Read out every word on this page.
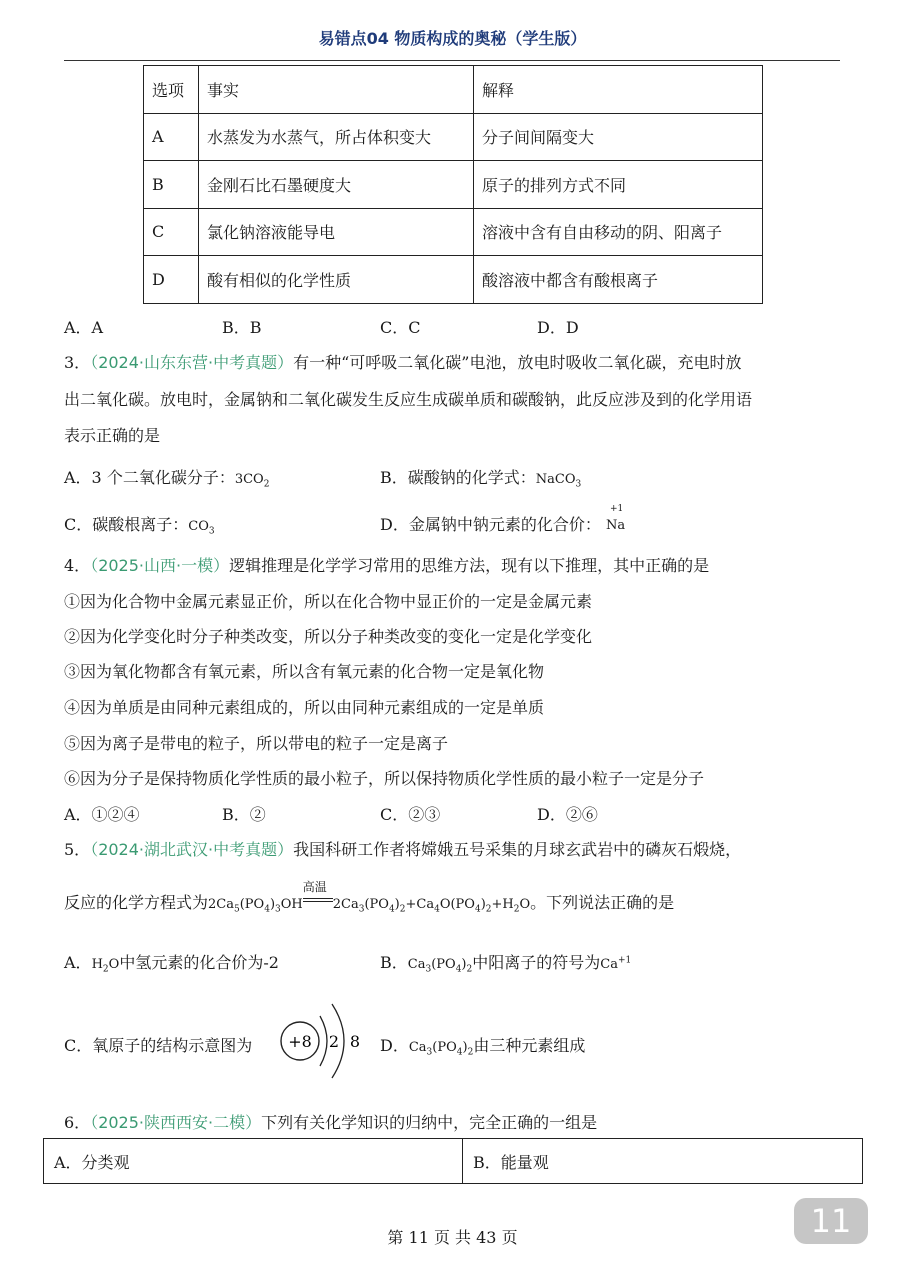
易错点04 物质构成的奥秘（学生版）
选项	事实	解释
A	水蒸发为水蒸气，所占体积变大	分子间间隔变大
B	金刚石比石墨硬度大	原子的排列方式不同
C	氯化钠溶液能导电	溶液中含有自由移动的阴、阳离子
D	酸有相似的化学性质	酸溶液中都含有酸根离子
A．A	B．B	C．C	D．D
3．（2024·山东东营·中考真题）有一种“可呼吸二氧化碳”电池，放电时吸收二氧化碳，充电时放
出二氧化碳。放电时，金属钠和二氧化碳发生反应生成碳单质和碳酸钠，此反应涉及到的化学用语
表示正确的是
A．3 个二氧化碳分子：$3CO_2$	B．碳酸钠的化学式：NaCO$_3$
C．碳酸根离子：$CO_3$	D．金属钠中钠元素的化合价：
+1
Na
4．（2025·山西·一模）逻辑推理是化学学习常用的思维方法，现有以下推理，其中正确的是
①因为化合物中金属元素显正价，所以在化合物中显正价的一定是金属元素
②因为化学变化时分子种类改变，所以分子种类改变的变化一定是化学变化
③因为氧化物都含有氧元素，所以含有氧元素的化合物一定是氧化物
④因为单质是由同种元素组成的，所以由同种元素组成的一定是单质
⑤因为离子是带电的粒子，所以带电的粒子一定是离子
⑥因为分子是保持物质化学性质的最小粒子，所以保持物质化学性质的最小粒子一定是分子
A．①②④	B．②	C．②③	D．②⑥
5．（2024·湖北武汉·中考真题）我国科研工作者将嫦娥五号采集的月球玄武岩中的磷灰石煅烧，
反应的化学方程式为$2Ca_5(PO_4)_3OH$
高温
$2Ca_3(PO_4)_2+Ca_4O(PO_4)_2+H_2O$。下列说法正确的是
A．$H_2O$中氢元素的化合价为-2	B．$Ca_3(PO_4)_2$中阳离子的符号为$Ca^{+1}$
C．氧原子的结构示意图为 +8 2 8 D．$Ca_3(PO_4)_2$由三种元素组成
6．（2025·陕西西安·二模）下列有关化学知识的归纳中，完全正确的一组是
A．分类观	B．能量观
第 11 页 共 43 页	11
